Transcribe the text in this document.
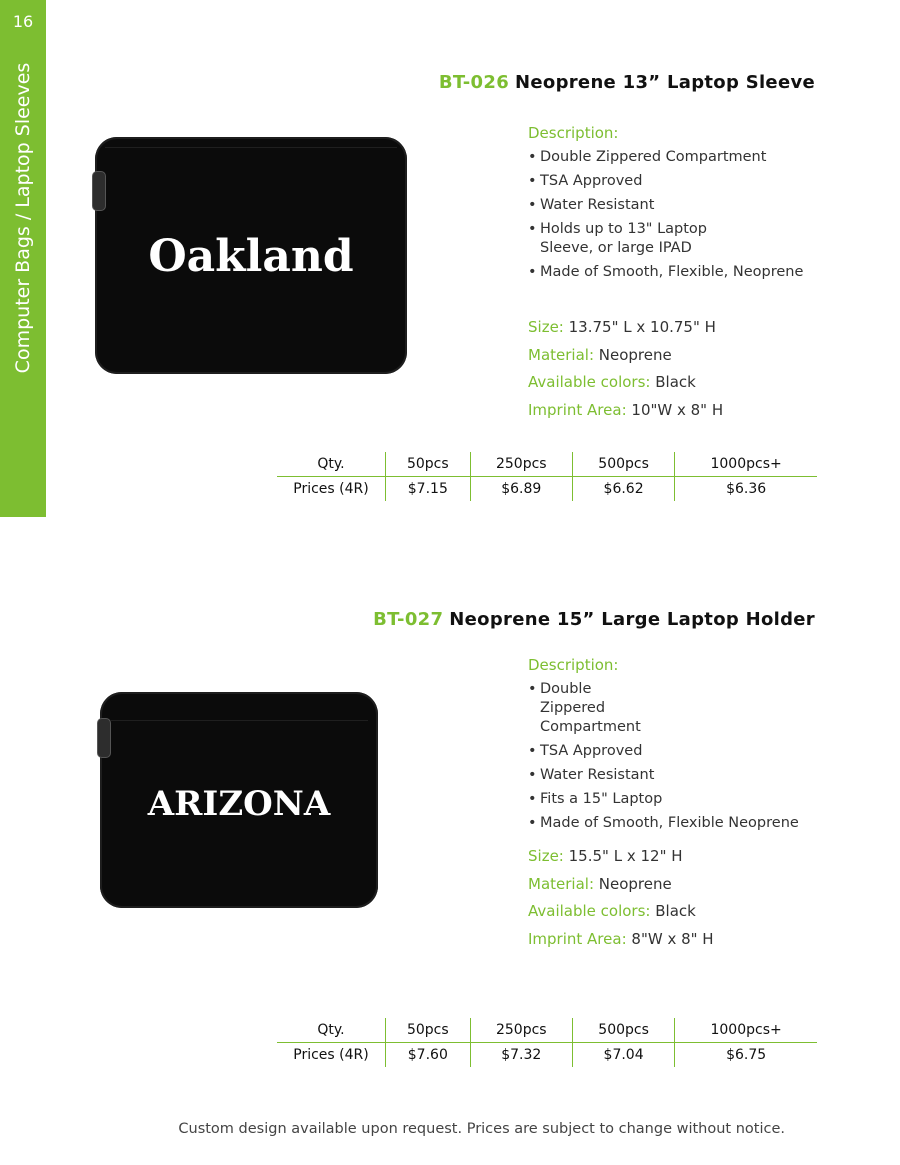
16
Computer Bags / Laptop Sleeves	BT-026 Neoprene 13” Laptop Sleeve
Oakland
Description:
• Double Zippered Compartment
• TSA Approved
• Water Resistant
• Holds up to 13" Laptop Sleeve, or large IPAD
• Made of Smooth, Flexible, Neoprene
Size: 13.75" L x 10.75" H
Material: Neoprene
Available colors: Black
Imprint Area: 10"W x 8" H
Qty.	50pcs	250pcs	500pcs	1000pcs+
Prices (4R)	$7.15	$6.89	$6.62	$6.36
BT-027 Neoprene 15” Large Laptop Holder
ARIZONA
Description:
• Double Zippered Compartment
• TSA Approved
• Water Resistant
• Fits a 15" Laptop
• Made of Smooth, Flexible Neoprene
Size: 15.5" L x 12" H
Material: Neoprene
Available colors: Black
Imprint Area: 8"W x 8" H
Qty.	50pcs	250pcs	500pcs	1000pcs+
Prices (4R)	$7.60	$7.32	$7.04	$6.75
Custom design available upon request. Prices are subject to change without notice.
